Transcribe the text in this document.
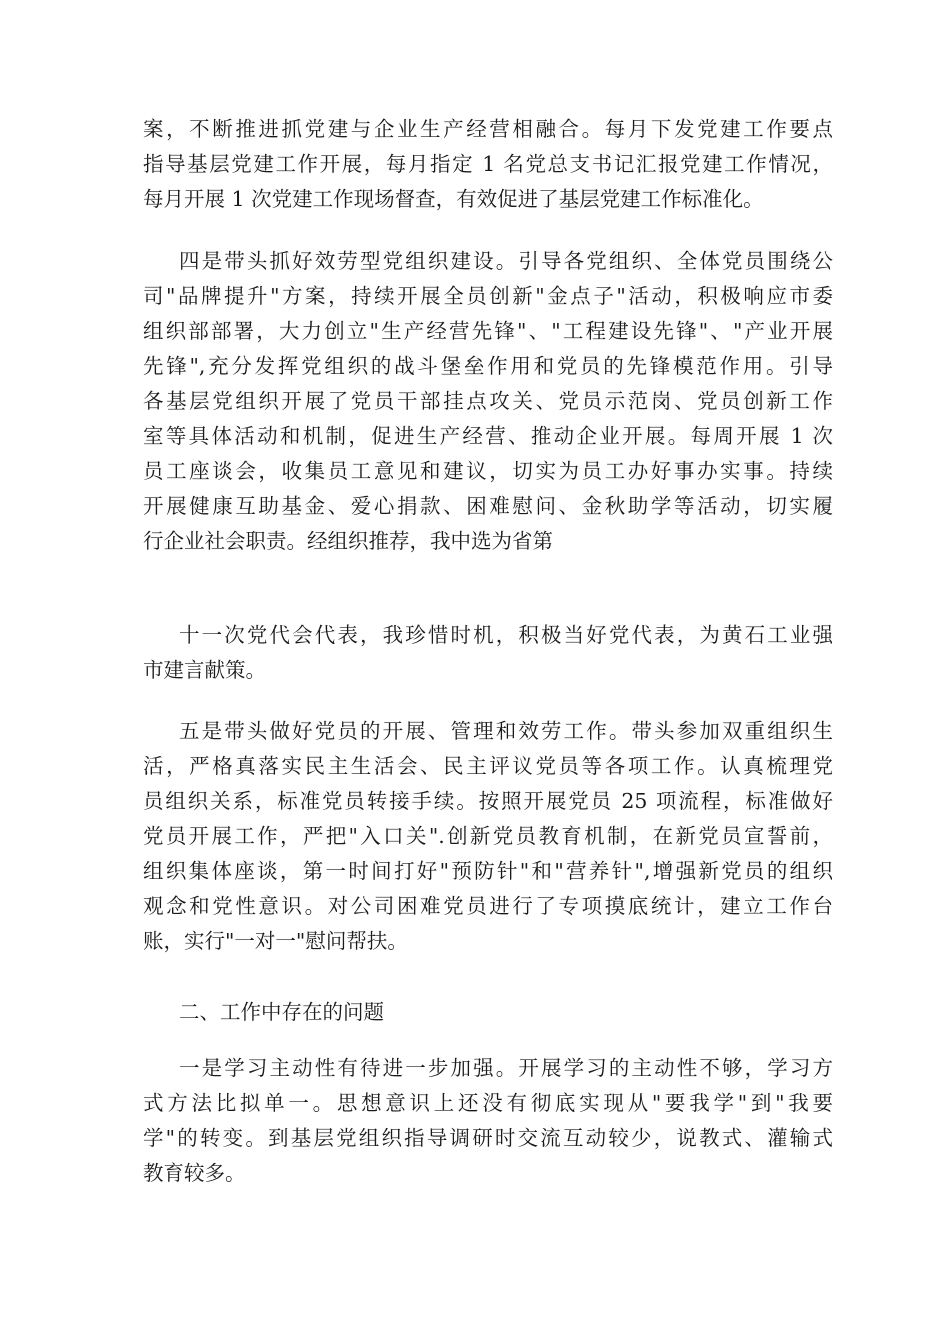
案，不断推进抓党建与企业生产经营相融合。每月下发党建工作要点
指导基层党建工作开展，每月指定 1 名党总支书记汇报党建工作情况，
每月开展 1 次党建工作现场督查，有效促进了基层党建工作标准化。
四是带头抓好效劳型党组织建设。引导各党组织、全体党员围绕公
司"品牌提升"方案，持续开展全员创新"金点子"活动，积极响应市委
组织部部署，大力创立"生产经营先锋"、"工程建设先锋"、"产业开展
先锋",充分发挥党组织的战斗堡垒作用和党员的先锋模范作用。引导
各基层党组织开展了党员干部挂点攻关、党员示范岗、党员创新工作
室等具体活动和机制，促进生产经营、推动企业开展。每周开展 1 次
员工座谈会，收集员工意见和建议，切实为员工办好事办实事。持续
开展健康互助基金、爱心捐款、困难慰问、金秋助学等活动，切实履
行企业社会职责。经组织推荐，我中选为省第
十一次党代会代表，我珍惜时机，积极当好党代表，为黄石工业强
市建言献策。
五是带头做好党员的开展、管理和效劳工作。带头参加双重组织生
活，严格真落实民主生活会、民主评议党员等各项工作。认真梳理党
员组织关系，标准党员转接手续。按照开展党员 25 项流程，标准做好
党员开展工作，严把"入口关".创新党员教育机制，在新党员宣誓前，
组织集体座谈，第一时间打好"预防针"和"营养针",增强新党员的组织
观念和党性意识。对公司困难党员进行了专项摸底统计，建立工作台
账，实行"一对一"慰问帮扶。
二、工作中存在的问题
一是学习主动性有待进一步加强。开展学习的主动性不够，学习方
式方法比拟单一。思想意识上还没有彻底实现从"要我学"到"我要
学"的转变。到基层党组织指导调研时交流互动较少，说教式、灌输式
教育较多。
